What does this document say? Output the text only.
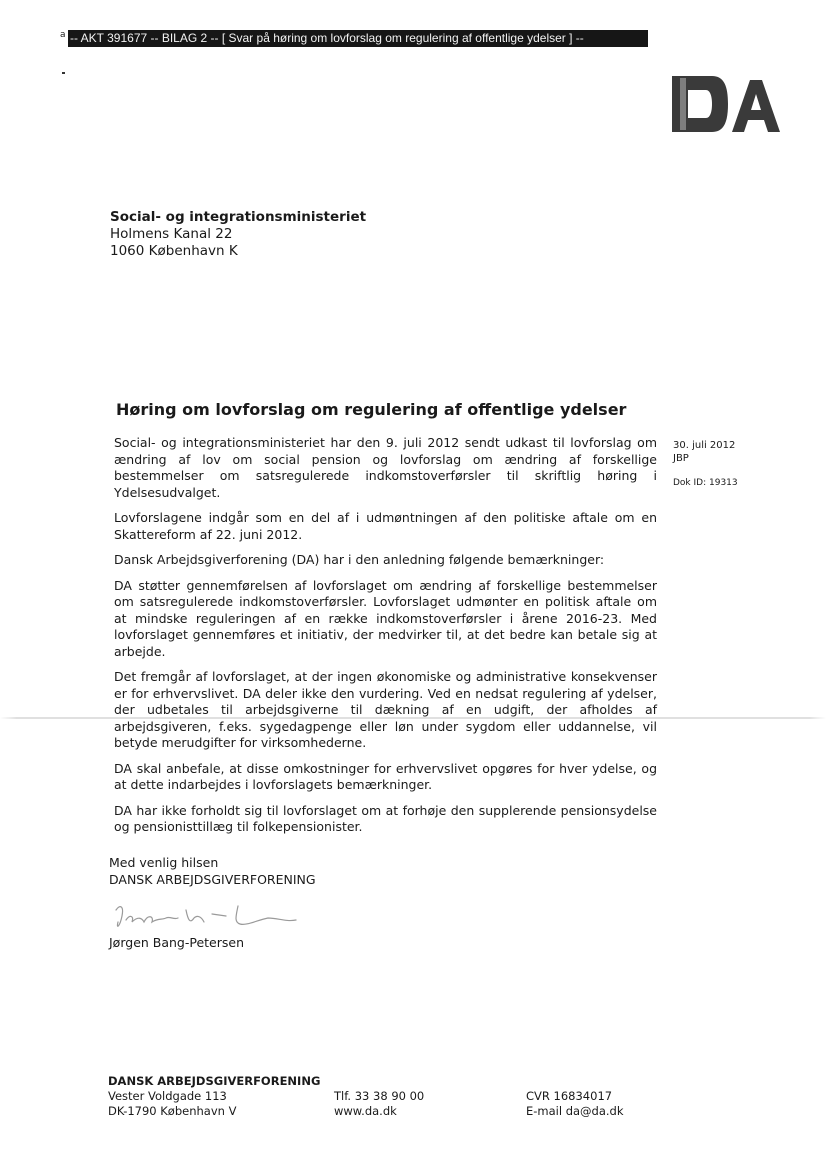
a -- AKT 391677 -- BILAG 2 -- [ Svar på høring om lovforslag om regulering af offentlige ydelser ] --
Social- og integrationsministeriet
Holmens Kanal 22
1060 København K
Høring om lovforslag om regulering af offentlige ydelser
30. juli 2012
JBP
Dok ID: 19313

Social- og integrationsministeriet har den 9. juli 2012 sendt udkast til lovforslag om ændring af lov om social pension og lovforslag om ændring af forskellige bestemmelser om satsregulerede indkomstoverførsler til skriftlig høring i Ydelsesudvalget.

Lovforslagene indgår som en del af i udmøntningen af den politiske aftale om en Skattereform af 22. juni 2012.

Dansk Arbejdsgiverforening (DA) har i den anledning følgende bemærkninger:

DA støtter gennemførelsen af lovforslaget om ændring af forskellige bestemmelser om satsregulerede indkomstoverførsler. Lovforslaget udmønter en politisk aftale om at mindske reguleringen af en række indkomstoverførsler i årene 2016-23. Med lovforslaget gennemføres et initiativ, der medvirker til, at det bedre kan betale sig at arbejde.

Det fremgår af lovforslaget, at der ingen økonomiske og administrative konsekvenser er for erhvervslivet. DA deler ikke den vurdering. Ved en nedsat regulering af ydelser, der udbetales til arbejdsgiverne til dækning af en udgift, der afholdes af arbejdsgiveren, f.eks. sygedagpenge eller løn under sygdom eller uddannelse, vil betyde merudgifter for virksomhederne.

DA skal anbefale, at disse omkostninger for erhvervslivet opgøres for hver ydelse, og at dette indarbejdes i lovforslagets bemærkninger.

DA har ikke forholdt sig til lovforslaget om at forhøje den supplerende pensionsydelse og pensionisttillæg til folkepensionister.

Med venlig hilsen
DANSK ARBEJDSGIVERFORENING
Jørgen Bang-Petersen
DANSK ARBEJDSGIVERFORENING
Vester Voldgade 113
DK-1790 København V
Tlf. 33 38 90 00
www.da.dk
CVR 16834017
E-mail da@da.dk
